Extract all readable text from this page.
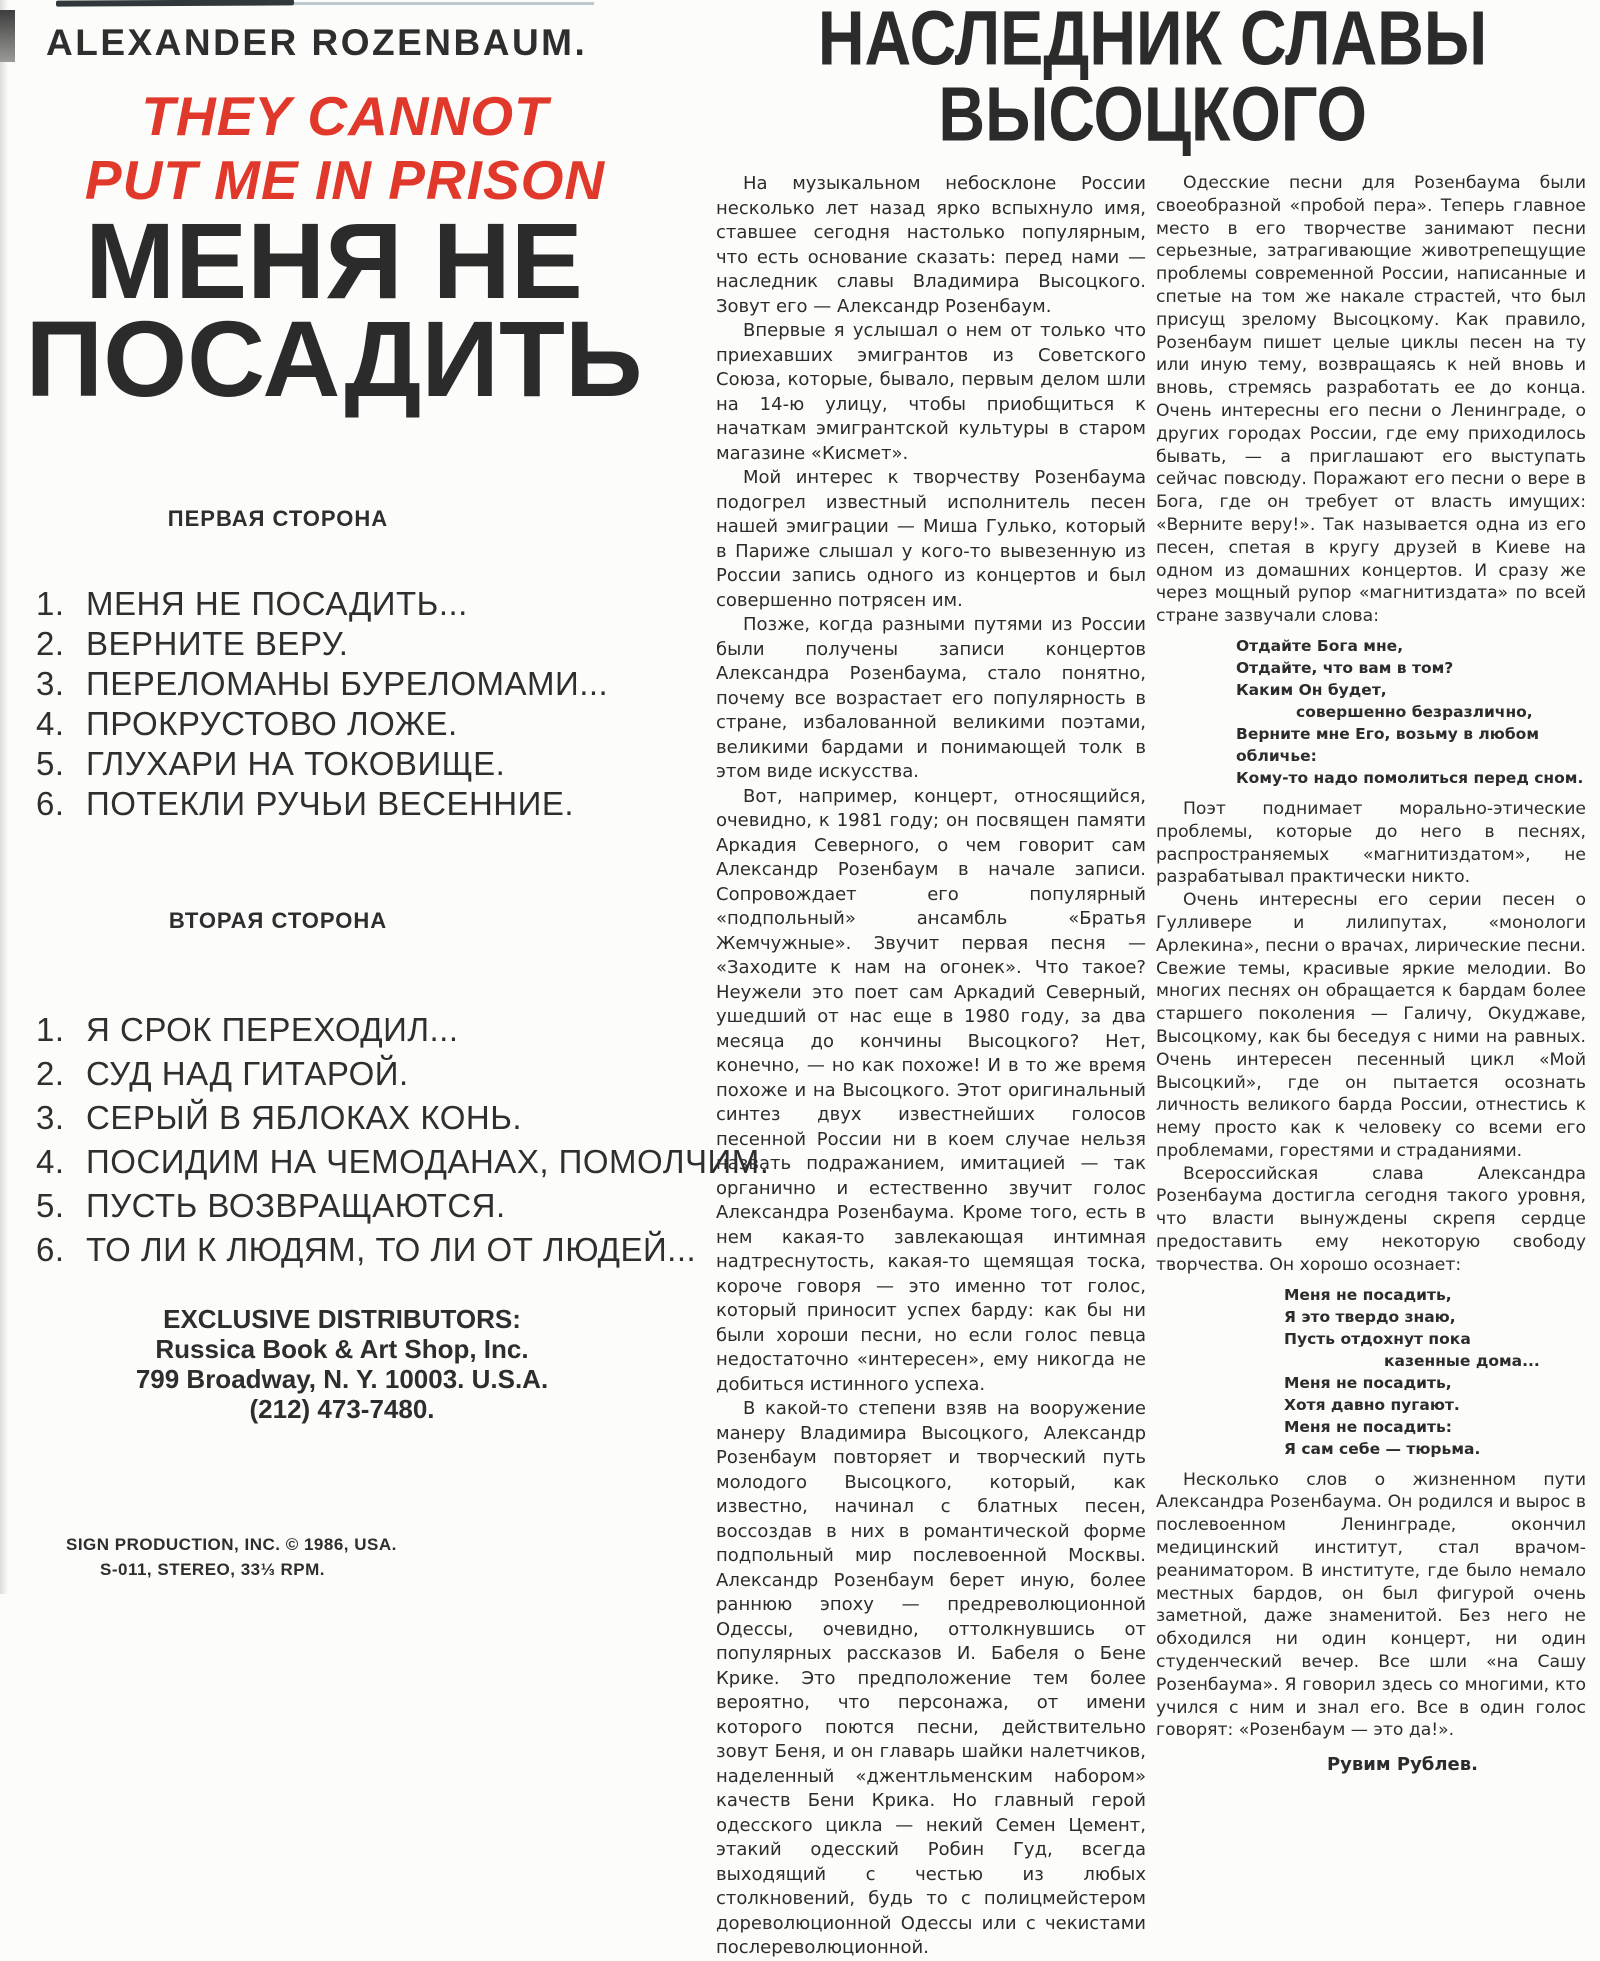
ALEXANDER ROZENBAUM.
THEY CANNOT
PUT ME IN PRISON
МЕНЯ НЕ
ПОСАДИТЬ
ПЕРВАЯ СТОРОНА
1. МЕНЯ НЕ ПОСАДИТЬ...
2. ВЕРНИТЕ ВЕРУ.
3. ПЕРЕЛОМАНЫ БУРЕЛОМАМИ...
4. ПРОКРУСТОВО ЛОЖЕ.
5. ГЛУХАРИ НА ТОКОВИЩЕ.
6. ПОТЕКЛИ РУЧЬИ ВЕСЕННИЕ.
ВТОРАЯ СТОРОНА
1. Я СРОК ПЕРЕХОДИЛ...
2. СУД НАД ГИТАРОЙ.
3. СЕРЫЙ В ЯБЛОКАХ КОНЬ.
4. ПОСИДИМ НА ЧЕМОДАНАХ, ПОМОЛЧИМ.
5. ПУСТЬ ВОЗВРАЩАЮТСЯ.
6. ТО ЛИ К ЛЮДЯМ, ТО ЛИ ОТ ЛЮДЕЙ...
EXCLUSIVE DISTRIBUTORS:
Russica Book & Art Shop, Inc.
799 Broadway, N. Y. 10003. U.S.A.
(212) 473-7480.
SIGN PRODUCTION, INC. © 1986, USA.
S-011, STEREO, 33⅓ RPM.
НАСЛЕДНИК СЛАВЫ
ВЫСОЦКОГО

На музыкальном небосклоне России несколько лет назад ярко вспыхнуло имя, ставшее сегодня настолько популярным, что есть основание сказать: перед нами — наследник славы Владимира Высоцкого. Зовут его — Александр Розенбаум.

Впервые я услышал о нем от только что приехавших эмигрантов из Советского Союза, которые, бывало, первым делом шли на 14-ю улицу, чтобы приобщиться к начаткам эмигрантской культуры в старом магазине «Кисмет».

Мой интерес к творчеству Розенбаума подогрел известный исполнитель песен нашей эмиграции — Миша Гулько, который в Париже слышал у кого-то вывезенную из России запись одного из концертов и был совершенно потрясен им.

Позже, когда разными путями из России были получены записи концертов Александра Розенбаума, стало понятно, почему все возрастает его популярность в стране, избалованной великими поэтами, великими бардами и понимающей толк в этом виде искусства.

Вот, например, концерт, относящийся, очевидно, к 1981 году; он посвящен памяти Аркадия Северного, о чем говорит сам Александр Розенбаум в начале записи. Сопровождает его популярный «подпольный» ансамбль «Братья Жемчужные». Звучит первая песня — «Заходите к нам на огонек». Что такое? Неужели это поет сам Аркадий Северный, ушедший от нас еще в 1980 году, за два месяца до кончины Высоцкого? Нет, конечно, — но как похоже! И в то же время похоже и на Высоцкого. Этот оригинальный синтез двух известнейших голосов песенной России ни в коем случае нельзя назвать подражанием, имитацией — так органично и естественно звучит голос Александра Розенбаума. Кроме того, есть в нем какая-то завлекающая интимная надтреснутость, какая-то щемящая тоска, короче говоря — это именно тот голос, который приносит успех барду: как бы ни были хороши песни, но если голос певца недостаточно «интересен», ему никогда не добиться истинного успеха.

В какой-то степени взяв на вооружение манеру Владимира Высоцкого, Александр Розенбаум повторяет и творческий путь молодого Высоцкого, который, как известно, начинал с блатных песен, воссоздав в них в романтической форме подпольный мир послевоенной Москвы. Александр Розенбаум берет иную, более раннюю эпоху — предреволюционной Одессы, очевидно, оттолкнувшись от популярных рассказов И. Бабеля о Бене Крике. Это предположение тем более вероятно, что персонажа, от имени которого поются песни, действительно зовут Беня, и он главарь шайки налетчиков, наделенный «джентльменским набором» качеств Бени Крика. Но главный герой одесского цикла — некий Семен Цемент, этакий одесский Робин Гуд, всегда выходящий с честью из любых столкновений, будь то с полицмейстером дореволюционной Одессы или с чекистами послереволюционной.

Одесские песни для Розенбаума были своеобразной «пробой пера». Теперь главное место в его творчестве занимают песни серьезные, затрагивающие животрепещущие проблемы современной России, написанные и спетые на том же накале страстей, что был присущ зрелому Высоцкому. Как правило, Розенбаум пишет целые циклы песен на ту или иную тему, возвращаясь к ней вновь и вновь, стремясь разработать ее до конца. Очень интересны его песни о Ленинграде, о других городах России, где ему приходилось бывать, — а приглашают его выступать сейчас повсюду. Поражают его песни о вере в Бога, где он требует от власть имущих: «Верните веру!». Так называется одна из его песен, спетая в кругу друзей в Киеве на одном из домашних концертов. И сразу же через мощный рупор «магнитиздата» по всей стране зазвучали слова:

Отдайте Бога мне,
Отдайте, что вам в том?
Каким Он будет,
совершенно безразлично,
Верните мне Его, возьму в любом обличье:
Кому-то надо помолиться перед сном.

Поэт поднимает морально-этические проблемы, которые до него в песнях, распространяемых «магнитиздатом», не разрабатывал практически никто.

Очень интересны его серии песен о Гулливере и лилипутах, «монологи Арлекина», песни о врачах, лирические песни. Свежие темы, красивые яркие мелодии. Во многих песнях он обращается к бардам более старшего поколения — Галичу, Окуджаве, Высоцкому, как бы беседуя с ними на равных. Очень интересен песенный цикл «Мой Высоцкий», где он пытается осознать личность великого барда России, отнестись к нему просто как к человеку со всеми его проблемами, горестями и страданиями.

Всероссийская слава Александра Розенбаума достигла сегодня такого уровня, что власти вынуждены скрепя сердце предоставить ему некоторую свободу творчества. Он хорошо осознает:

Меня не посадить,
Я это твердо знаю,
Пусть отдохнут пока
казенные дома...
Меня не посадить,
Хотя давно пугают.
Меня не посадить:
Я сам себе — тюрьма.

Несколько слов о жизненном пути Александра Розенбаума. Он родился и вырос в послевоенном Ленинграде, окончил медицинский институт, стал врачом-реаниматором. В институте, где было немало местных бардов, он был фигурой очень заметной, даже знаменитой. Без него не обходился ни один концерт, ни один студенческий вечер. Все шли «на Сашу Розенбаума». Я говорил здесь со многими, кто учился с ним и знал его. Все в один голос говорят: «Розенбаум — это да!».

Рувим Рублев.
